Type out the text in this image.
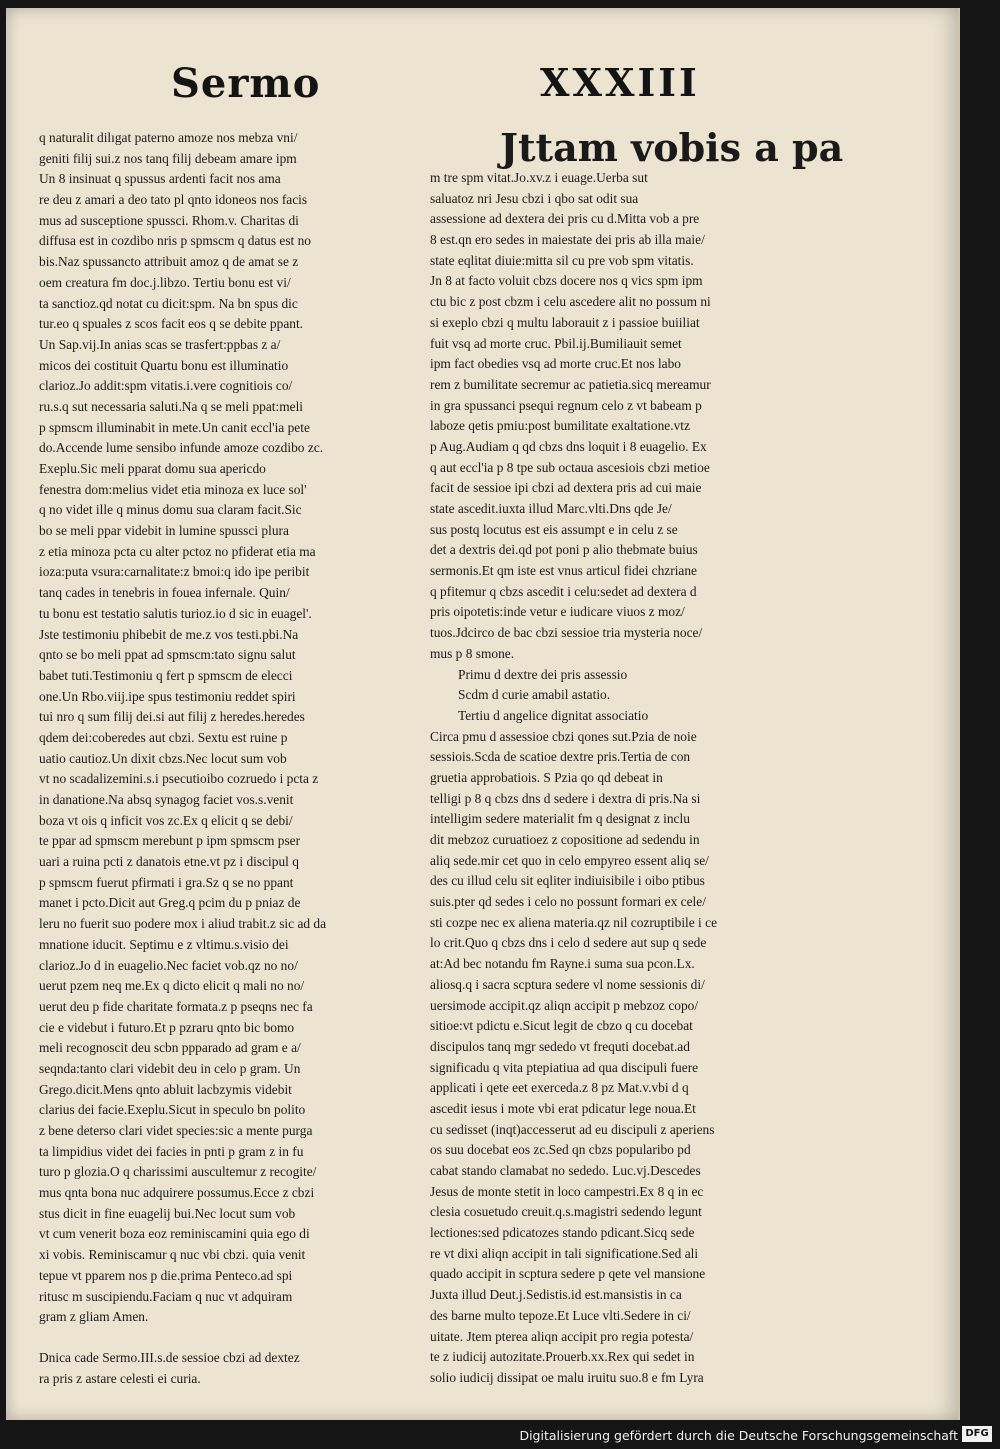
Sermo	XXXIII
q naturalit dilıgat paterno amoze nos mebza vni/
geniti filij sui.z nos tanq filij debeam amare ipm
Un 8 insinuat q spussus ardenti facit nos ama
re deu z amari a deo tato pl qnto idoneos nos facis
mus ad susceptione spussci. Rhom.v. Charitas di
diffusa est in cozdibo nris p spmscm q datus est no
bis.Naz spussancto attribuit amoz q de amat se z
oem creatura fm doc.j.libzo. Tertiu bonu est vi/
ta sanctioz.qd notat cu dicit:spm. Na bn spus dic
tur.eo q spuales z scos facit eos q se debite ppant.
Un Sap.vij.In anias scas se trasfert:ppbas z a/
micos dei costituit Quartu bonu est illuminatio
clarioz.Jo addit:spm vitatis.i.vere cognitiois co/
ru.s.q sut necessaria saluti.Na q se meli ppat:meli
p spmscm illuminabit in mete.Un canit eccl'ia pete
do.Accende lume sensibo infunde amoze cozdibo zc.
Exeplu.Sic meli pparat domu sua apericdo
fenestra dom:melius videt etia minoza ex luce sol'
q no videt ille q minus domu sua claram facit.Sic
bo se meli ppar videbit in lumine spussci plura
z etia minoza pcta cu alter pctoz no pfiderat etia ma
ioza:puta vsura:carnalitate:z bmoi:q ido ipe peribit
tanq cades in tenebris in fouea infernale. Quin/
tu bonu est testatio salutis turioz.io d sic in euagel'.
Jste testimoniu phibebit de me.z vos testi.pbi.Na
qnto se bo meli ppat ad spmscm:tato signu salut
babet tuti.Testimoniu q fert p spmscm de elecci
one.Un Rbo.viij.ipe spus testimoniu reddet spiri
tui nro q sum filij dei.si aut filij z heredes.heredes
qdem dei:coberedes aut cbzi. Sextu est ruine p
uatio cautioz.Un dixit cbzs.Nec locut sum vob
vt no scadalizemini.s.i psecutioibo cozruedo i pcta z
in danatione.Na absq synagog faciet vos.s.venit
boza vt ois q inficit vos zc.Ex q elicit q se debi/
te ppar ad spmscm merebunt p ipm spmscm pser
uari a ruina pcti z danatois etne.vt pz i discipul q
p spmscm fuerut pfirmati i gra.Sz q se no ppant
manet i pcto.Dicit aut Greg.q pcim du p pniaz de
leru no fuerit suo podere mox i aliud trabit.z sic ad da
mnatione iducit. Septimu e z vltimu.s.visio dei
clarioz.Jo d in euagelio.Nec faciet vob.qz no no/
uerut pzem neq me.Ex q dicto elicit q mali no no/
uerut deu p fide charitate formata.z p pseqns nec fa
cie e videbut i futuro.Et p pzraru qnto bic bomo
meli recognoscit deu scbn ppparado ad gram e a/
seqnda:tanto clari videbit deu in celo p gram. Un
Grego.dicit.Mens qnto abluit lacbzymis videbit
clarius dei facie.Exeplu.Sicut in speculo bn polito
z bene deterso clari videt species:sic a mente purga
ta limpidius videt dei facies in pnti p gram z in fu
turo p glozia.O q charissimi auscultemur z recogite/
mus qnta bona nuc adquirere possumus.Ecce z cbzi
stus dicit in fine euagelij bui.Nec locut sum vob
vt cum venerit boza eoz reminiscamini quia ego di
xi vobis. Reminiscamur q nuc vbi cbzi. quia venit
tepue vt pparem nos p die.prima Penteco.ad spi
ritusc m suscipiendu.Faciam q nuc vt adquiram
gram z gliam Amen.
Dnica cade Sermo.III.s.de sessioe cbzi ad dextez
ra pris z astare celesti ei curia.
Jttam vobis a pa
m tre spm vitat.Jo.xv.z i euage.Uerba sut
saluatoz nri Jesu cbzi i qbo sat odit sua
assessione ad dextera dei pris cu d.Mitta vob a pre
8 est.qn ero sedes in maiestate dei pris ab illa maie/
state eqlitat diuie:mitta sil cu pre vob spm vitatis.
Jn 8 at facto voluit cbzs docere nos q vics spm ipm
ctu bic z post cbzm i celu ascedere alit no possum ni
si exeplo cbzi q multu laborauit z i passioe buiiliat
fuit vsq ad morte cruc. Pbil.ij.Bumiliauit semet
ipm fact obedies vsq ad morte cruc.Et nos labo
rem z bumilitate secremur ac patietia.sicq mereamur
in gra spussanci psequi regnum celo z vt babeam p
laboze qetis pmiu:post bumilitate exaltatione.vtz
p Aug.Audiam q qd cbzs dns loquit i 8 euagelio. Ex
q aut eccl'ia p 8 tpe sub octaua ascesiois cbzi metioe
facit de sessioe ipi cbzi ad dextera pris ad cui maie
state ascedit.iuxta illud Marc.vlti.Dns qde Je/
sus postq locutus est eis assumpt e in celu z se
det a dextris dei.qd pot poni p alio thebmate buius
sermonis.Et qm iste est vnus articul fidei chzriane
q pfitemur q cbzs ascedit i celu:sedet ad dextera d
pris oipotetis:inde vetur e iudicare viuos z moz/
tuos.Jdcirco de bac cbzi sessioe tria mysteria noce/
mus p 8 smone.
Primu d dextre dei pris assessio
Scdm d curie amabil astatio.
Tertiu d angelice dignitat associatio
Circa pmu d assessioe cbzi qones sut.Pzia de noie
sessiois.Scda de scatioe dextre pris.Tertia de con
gruetia approbatiois. S Pzia qo qd debeat in
telligi p 8 q cbzs dns d sedere i dextra di pris.Na si
intelligim sedere materialit fm q designat z inclu
dit mebzoz curuatioez z copositione ad sedendu in
aliq sede.mir cet quo in celo empyreo essent aliq se/
des cu illud celu sit eqliter indiuisibile i oibo ptibus
suis.pter qd sedes i celo no possunt formari ex cele/
sti cozpe nec ex aliena materia.qz nil cozruptibile i ce
lo crit.Quo q cbzs dns i celo d sedere aut sup q sede
at:Ad bec notandu fm Rayne.i suma sua pcon.Lx.
aliosq.q i sacra scptura sedere vl nome sessionis di/
uersimode accipit.qz aliqn accipit p mebzoz copo/
sitioe:vt pdictu e.Sicut legit de cbzo q cu docebat
discipulos tanq mgr sededo vt frequti docebat.ad
significadu q vita ptepiatiua ad qua discipuli fuere
applicati i qete eet exerceda.z 8 pz Mat.v.vbi d q
ascedit iesus i mote vbi erat pdicatur lege noua.Et
cu sedisset (inqt)accesserut ad eu discipuli z aperiens
os suu docebat eos zc.Sed qn cbzs popularibo pd
cabat stando clamabat no sededo. Luc.vj.Descedes
Jesus de monte stetit in loco campestri.Ex 8 q in ec
clesia cosuetudo creuit.q.s.magistri sedendo legunt
lectiones:sed pdicatozes stando pdicant.Sicq sede
re vt dixi aliqn accipit in tali significatione.Sed ali
quado accipit in scptura sedere p qete vel mansione
Juxta illud Deut.j.Sedistis.id est.mansistis in ca
des barne multo tepoze.Et Luce vlti.Sedere in ci/
uitate. Jtem pterea aliqn accipit pro regia potesta/
te z iudicij autozitate.Prouerb.xx.Rex qui sedet in
solio iudicij dissipat oe malu iruitu suo.8 e fm Lyra
Digitalisierung gefördert durch die Deutsche Forschungsgemeinschaft DFG
